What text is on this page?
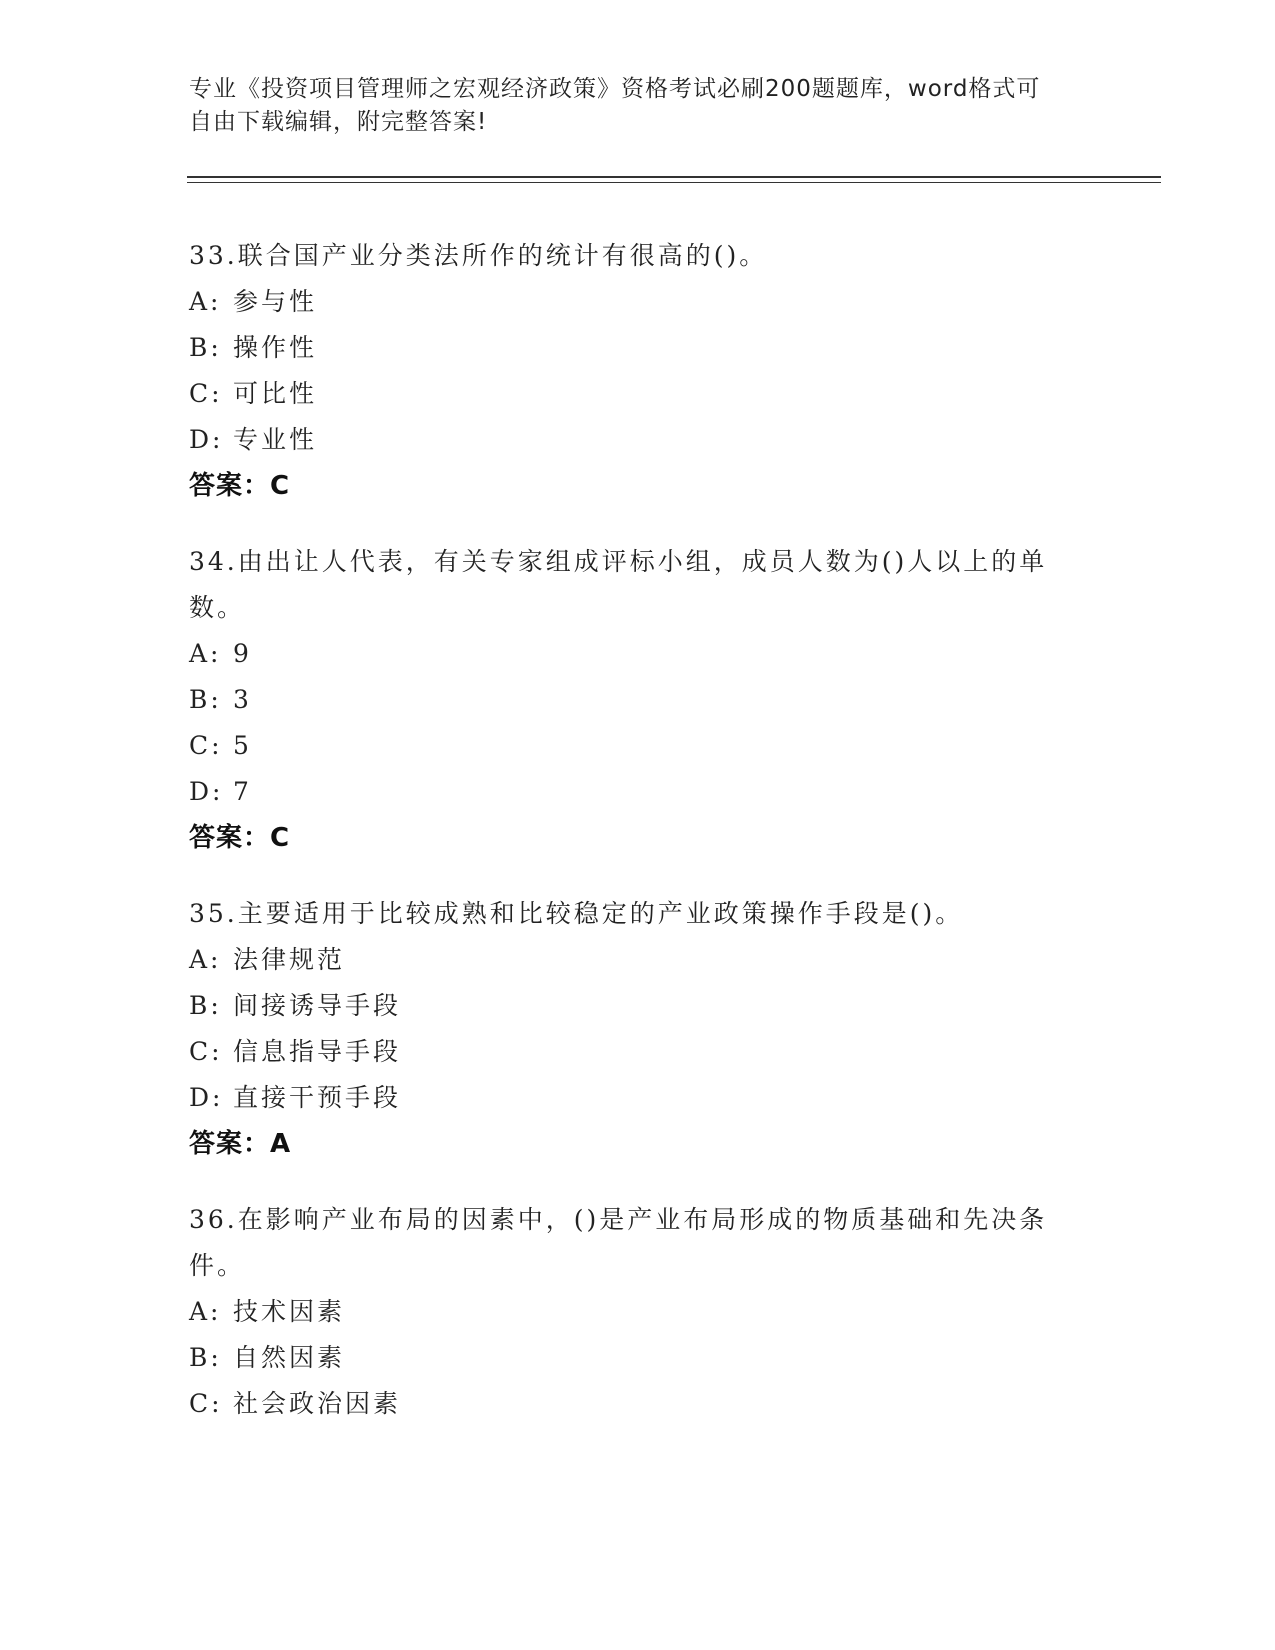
专业《投资项目管理师之宏观经济政策》资格考试必刷200题题库，word格式可
自由下载编辑，附完整答案!

33.联合国产业分类法所作的统计有很高的()。

A: 参与性
B: 操作性
C: 可比性
D: 专业性
答案：C

34.由出让人代表，有关专家组成评标小组，成员人数为()人以上的单数。

A: 9
B: 3
C: 5
D: 7
答案：C

35.主要适用于比较成熟和比较稳定的产业政策操作手段是()。

A: 法律规范
B: 间接诱导手段
C: 信息指导手段
D: 直接干预手段
答案：A

36.在影响产业布局的因素中，()是产业布局形成的物质基础和先决条件。

A: 技术因素
B: 自然因素
C: 社会政治因素
